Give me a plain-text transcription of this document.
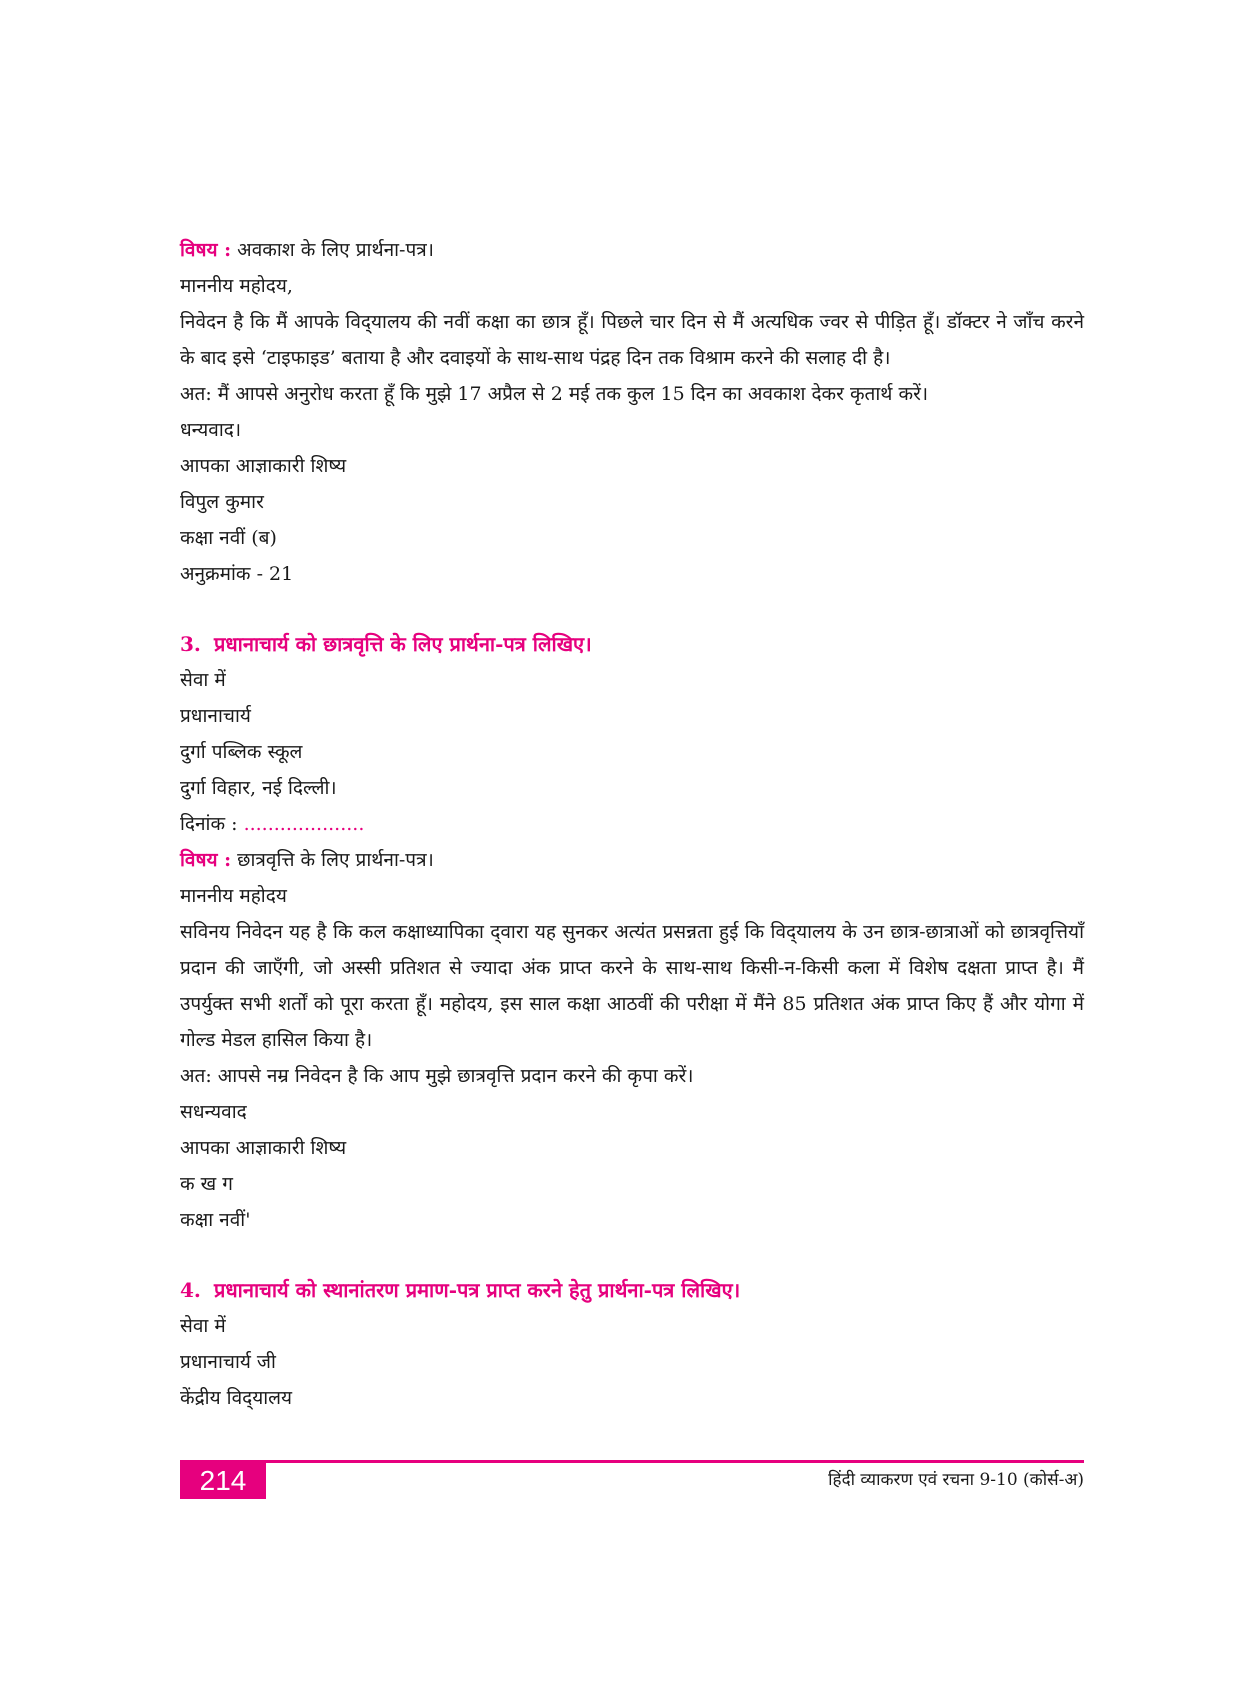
विषय : अवकाश के लिए प्रार्थना-पत्र।

माननीय महोदय,

निवेदन है कि मैं आपके विद्‌यालय की नवीं कक्षा का छात्र हूँ। पिछले चार दिन से मैं अत्यधिक ज्वर से पीड़ित हूँ। डॉक्टर ने जाँच करने के बाद इसे ‘टाइफाइड’ बताया है और दवाइयों के साथ-साथ पंद्रह दिन तक विश्राम करने की सलाह दी है।

अत: मैं आपसे अनुरोध करता हूँ कि मुझे 17 अप्रैल से 2 मई तक कुल 15 दिन का अवकाश देकर कृतार्थ करें।

धन्यवाद।

आपका आज्ञाकारी शिष्य

विपुल कुमार

कक्षा नवीं (ब)

अनुक्रमांक - 21

3. प्रधानाचार्य को छात्रवृत्ति के लिए प्रार्थना-पत्र लिखिए।

सेवा में

प्रधानाचार्य

दुर्गा पब्लिक स्कूल

दुर्गा विहार, नई दिल्ली।

दिनांक : ....................

विषय : छात्रवृत्ति के लिए प्रार्थना-पत्र।

माननीय महोदय

सविनय निवेदन यह है कि कल कक्षाध्यापिका द्‌वारा यह सुनकर अत्यंत प्रसन्नता हुई कि विद्‌यालय के उन छात्र-छात्राओं को छात्रवृत्तियाँ प्रदान की जाएँगी, जो अस्सी प्रतिशत से ज्यादा अंक प्राप्त करने के साथ-साथ किसी-न-किसी कला में विशेष दक्षता प्राप्त है। मैं उपर्युक्त सभी शर्तों को पूरा करता हूँ। महोदय, इस साल कक्षा आठवीं की परीक्षा में मैंने 85 प्रतिशत अंक प्राप्त किए हैं और योगा में गोल्ड मेडल हासिल किया है।

अत: आपसे नम्र निवेदन है कि आप मुझे छात्रवृत्ति प्रदान करने की कृपा करें।

सधन्यवाद

आपका आज्ञाकारी शिष्य

क ख ग

कक्षा नवीं'

4. प्रधानाचार्य को स्थानांतरण प्रमाण-पत्र प्राप्त करने हेतु प्रार्थना-पत्र लिखिए।

सेवा में

प्रधानाचार्य जी

केंद्रीय विद्‌यालय

214	हिंदी व्याकरण एवं रचना 9-10 (कोर्स-अ)
